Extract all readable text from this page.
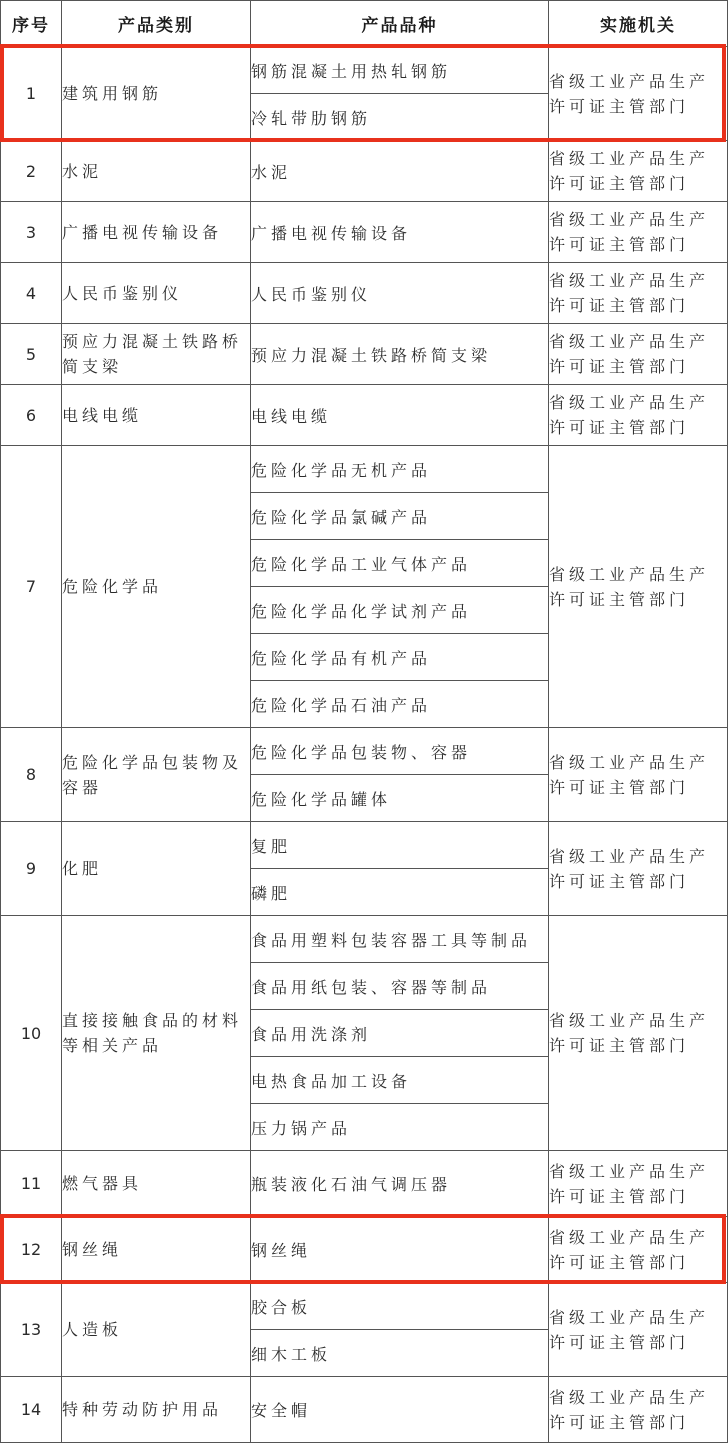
序号	产品类别	产品品种	实施机关
1	建筑用钢筋	钢筋混凝土用热轧钢筋	省级工业产品生产许可证主管部门
		冷轧带肋钢筋	
2	水泥	水泥	省级工业产品生产许可证主管部门
3	广播电视传输设备	广播电视传输设备	省级工业产品生产许可证主管部门
4	人民币鉴别仪	人民币鉴别仪	省级工业产品生产许可证主管部门
5	预应力混凝土铁路桥简支梁	预应力混凝土铁路桥简支梁	省级工业产品生产许可证主管部门
6	电线电缆	电线电缆	省级工业产品生产许可证主管部门
7	危险化学品	危险化学品无机产品	省级工业产品生产许可证主管部门
		危险化学品氯碱产品	
		危险化学品工业气体产品	
		危险化学品化学试剂产品	
		危险化学品有机产品	
		危险化学品石油产品	
8	危险化学品包装物及容器	危险化学品包装物、容器	省级工业产品生产许可证主管部门
		危险化学品罐体	
9	化肥	复肥	省级工业产品生产许可证主管部门
		磷肥	
10	直接接触食品的材料等相关产品	食品用塑料包装容器工具等制品	省级工业产品生产许可证主管部门
		食品用纸包装、容器等制品	
		食品用洗涤剂	
		电热食品加工设备	
		压力锅产品	
11	燃气器具	瓶装液化石油气调压器	省级工业产品生产许可证主管部门
12	钢丝绳	钢丝绳	省级工业产品生产许可证主管部门
13	人造板	胶合板	省级工业产品生产许可证主管部门
		细木工板	
14	特种劳动防护用品	安全帽	省级工业产品生产许可证主管部门
